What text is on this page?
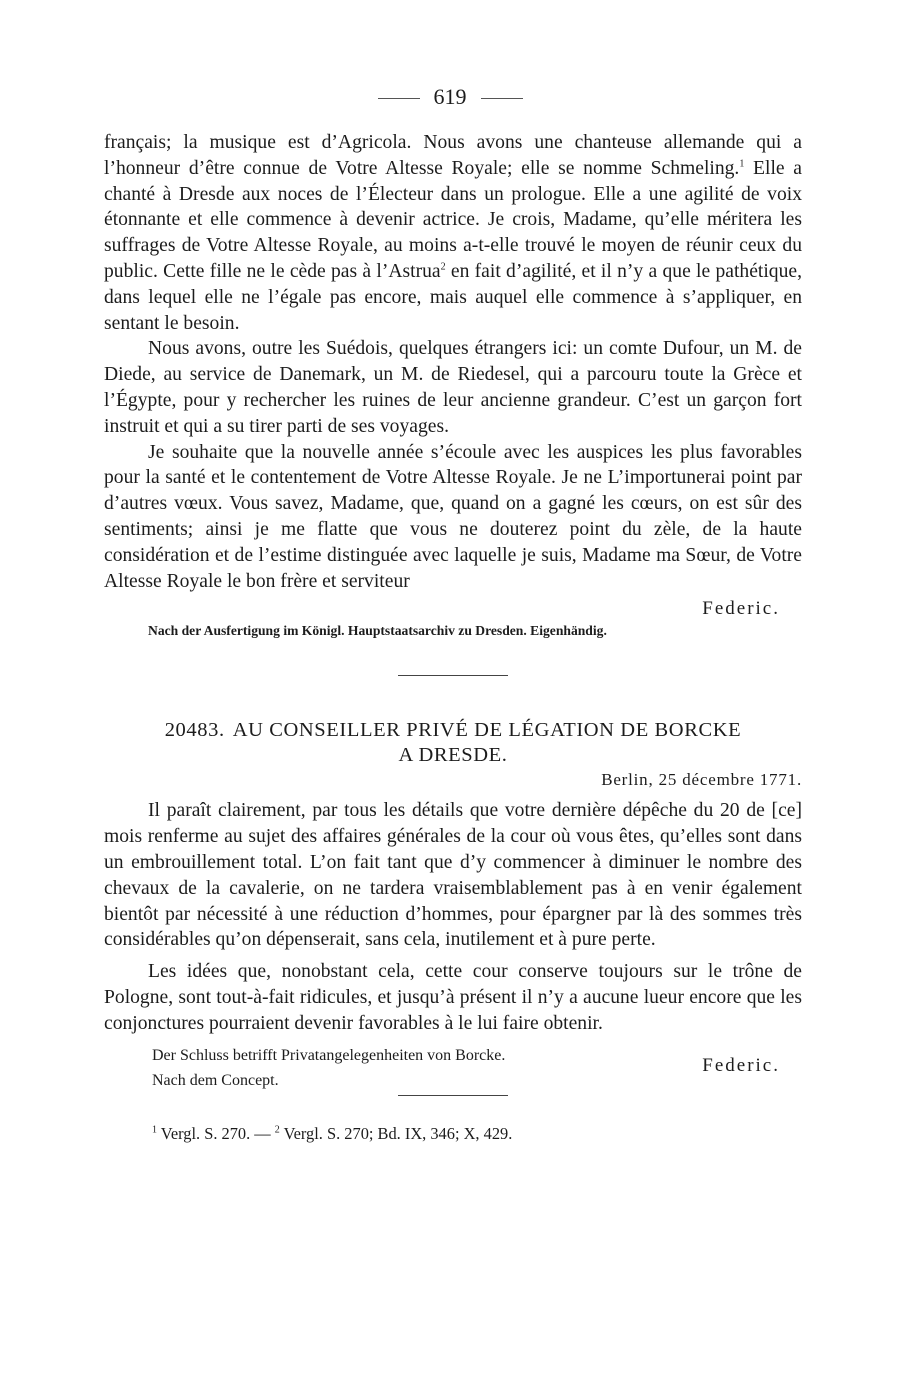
619

français; la musique est d’Agricola. Nous avons une chanteuse allemande qui a l’honneur d’être connue de Votre Altesse Royale; elle se nomme Schmeling.$^1$ Elle a chanté à Dresde aux noces de l’Électeur dans un prologue. Elle a une agilité de voix étonnante et elle commence à devenir actrice. Je crois, Madame, qu’elle méritera les suffrages de Votre Altesse Royale, au moins a-t-elle trouvé le moyen de réunir ceux du public. Cette fille ne le cède pas à l’Astrua$^2$ en fait d’agilité, et il n’y a que le pathétique, dans lequel elle ne l’égale pas encore, mais auquel elle commence à s’appliquer, en sentant le besoin.

Nous avons, outre les Suédois, quelques étrangers ici: un comte Dufour, un M. de Diede, au service de Danemark, un M. de Riedesel, qui a parcouru toute la Grèce et l’Égypte, pour y rechercher les ruines de leur ancienne grandeur. C’est un garçon fort instruit et qui a su tirer parti de ses voyages.

Je souhaite que la nouvelle année s’écoule avec les auspices les plus favorables pour la santé et le contentement de Votre Altesse Royale. Je ne L’importunerai point par d’autres vœux. Vous savez, Madame, que, quand on a gagné les cœurs, on est sûr des sentiments; ainsi je me flatte que vous ne douterez point du zèle, de la haute considération et de l’estime distinguée avec laquelle je suis, Madame ma Sœur, de Votre Altesse Royale le bon frère et serviteur

Federic.
Nach der Ausfertigung im Königl. Hauptstaatsarchiv zu Dresden. Eigenhändig.
20483. AU CONSEILLER PRIVÉ DE LÉGATION DE BORCKE
A DRESDE.
Berlin, 25 décembre 1771.

Il paraît clairement, par tous les détails que votre dernière dépêche du 20 de [ce] mois renferme au sujet des affaires générales de la cour où vous êtes, qu’elles sont dans un embrouillement total. L’on fait tant que d’y commencer à diminuer le nombre des chevaux de la cavalerie, on ne tardera vraisemblablement pas à en venir également bientôt par nécessité à une réduction d’hommes, pour épargner par là des sommes très considérables qu’on dépenserait, sans cela, inutilement et à pure perte.

Les idées que, nonobstant cela, cette cour conserve toujours sur le trône de Pologne, sont tout-à-fait ridicules, et jusqu’à présent il n’y a aucune lueur encore que les conjonctures pourraient devenir favorables à le lui faire obtenir.

Der Schluss betrifft Privatangelegenheiten von Borcke.
Nach dem Concept.
Federic.
$^1$ Vergl. S. 270. — $^2$ Vergl. S. 270; Bd. IX, 346; X, 429.
